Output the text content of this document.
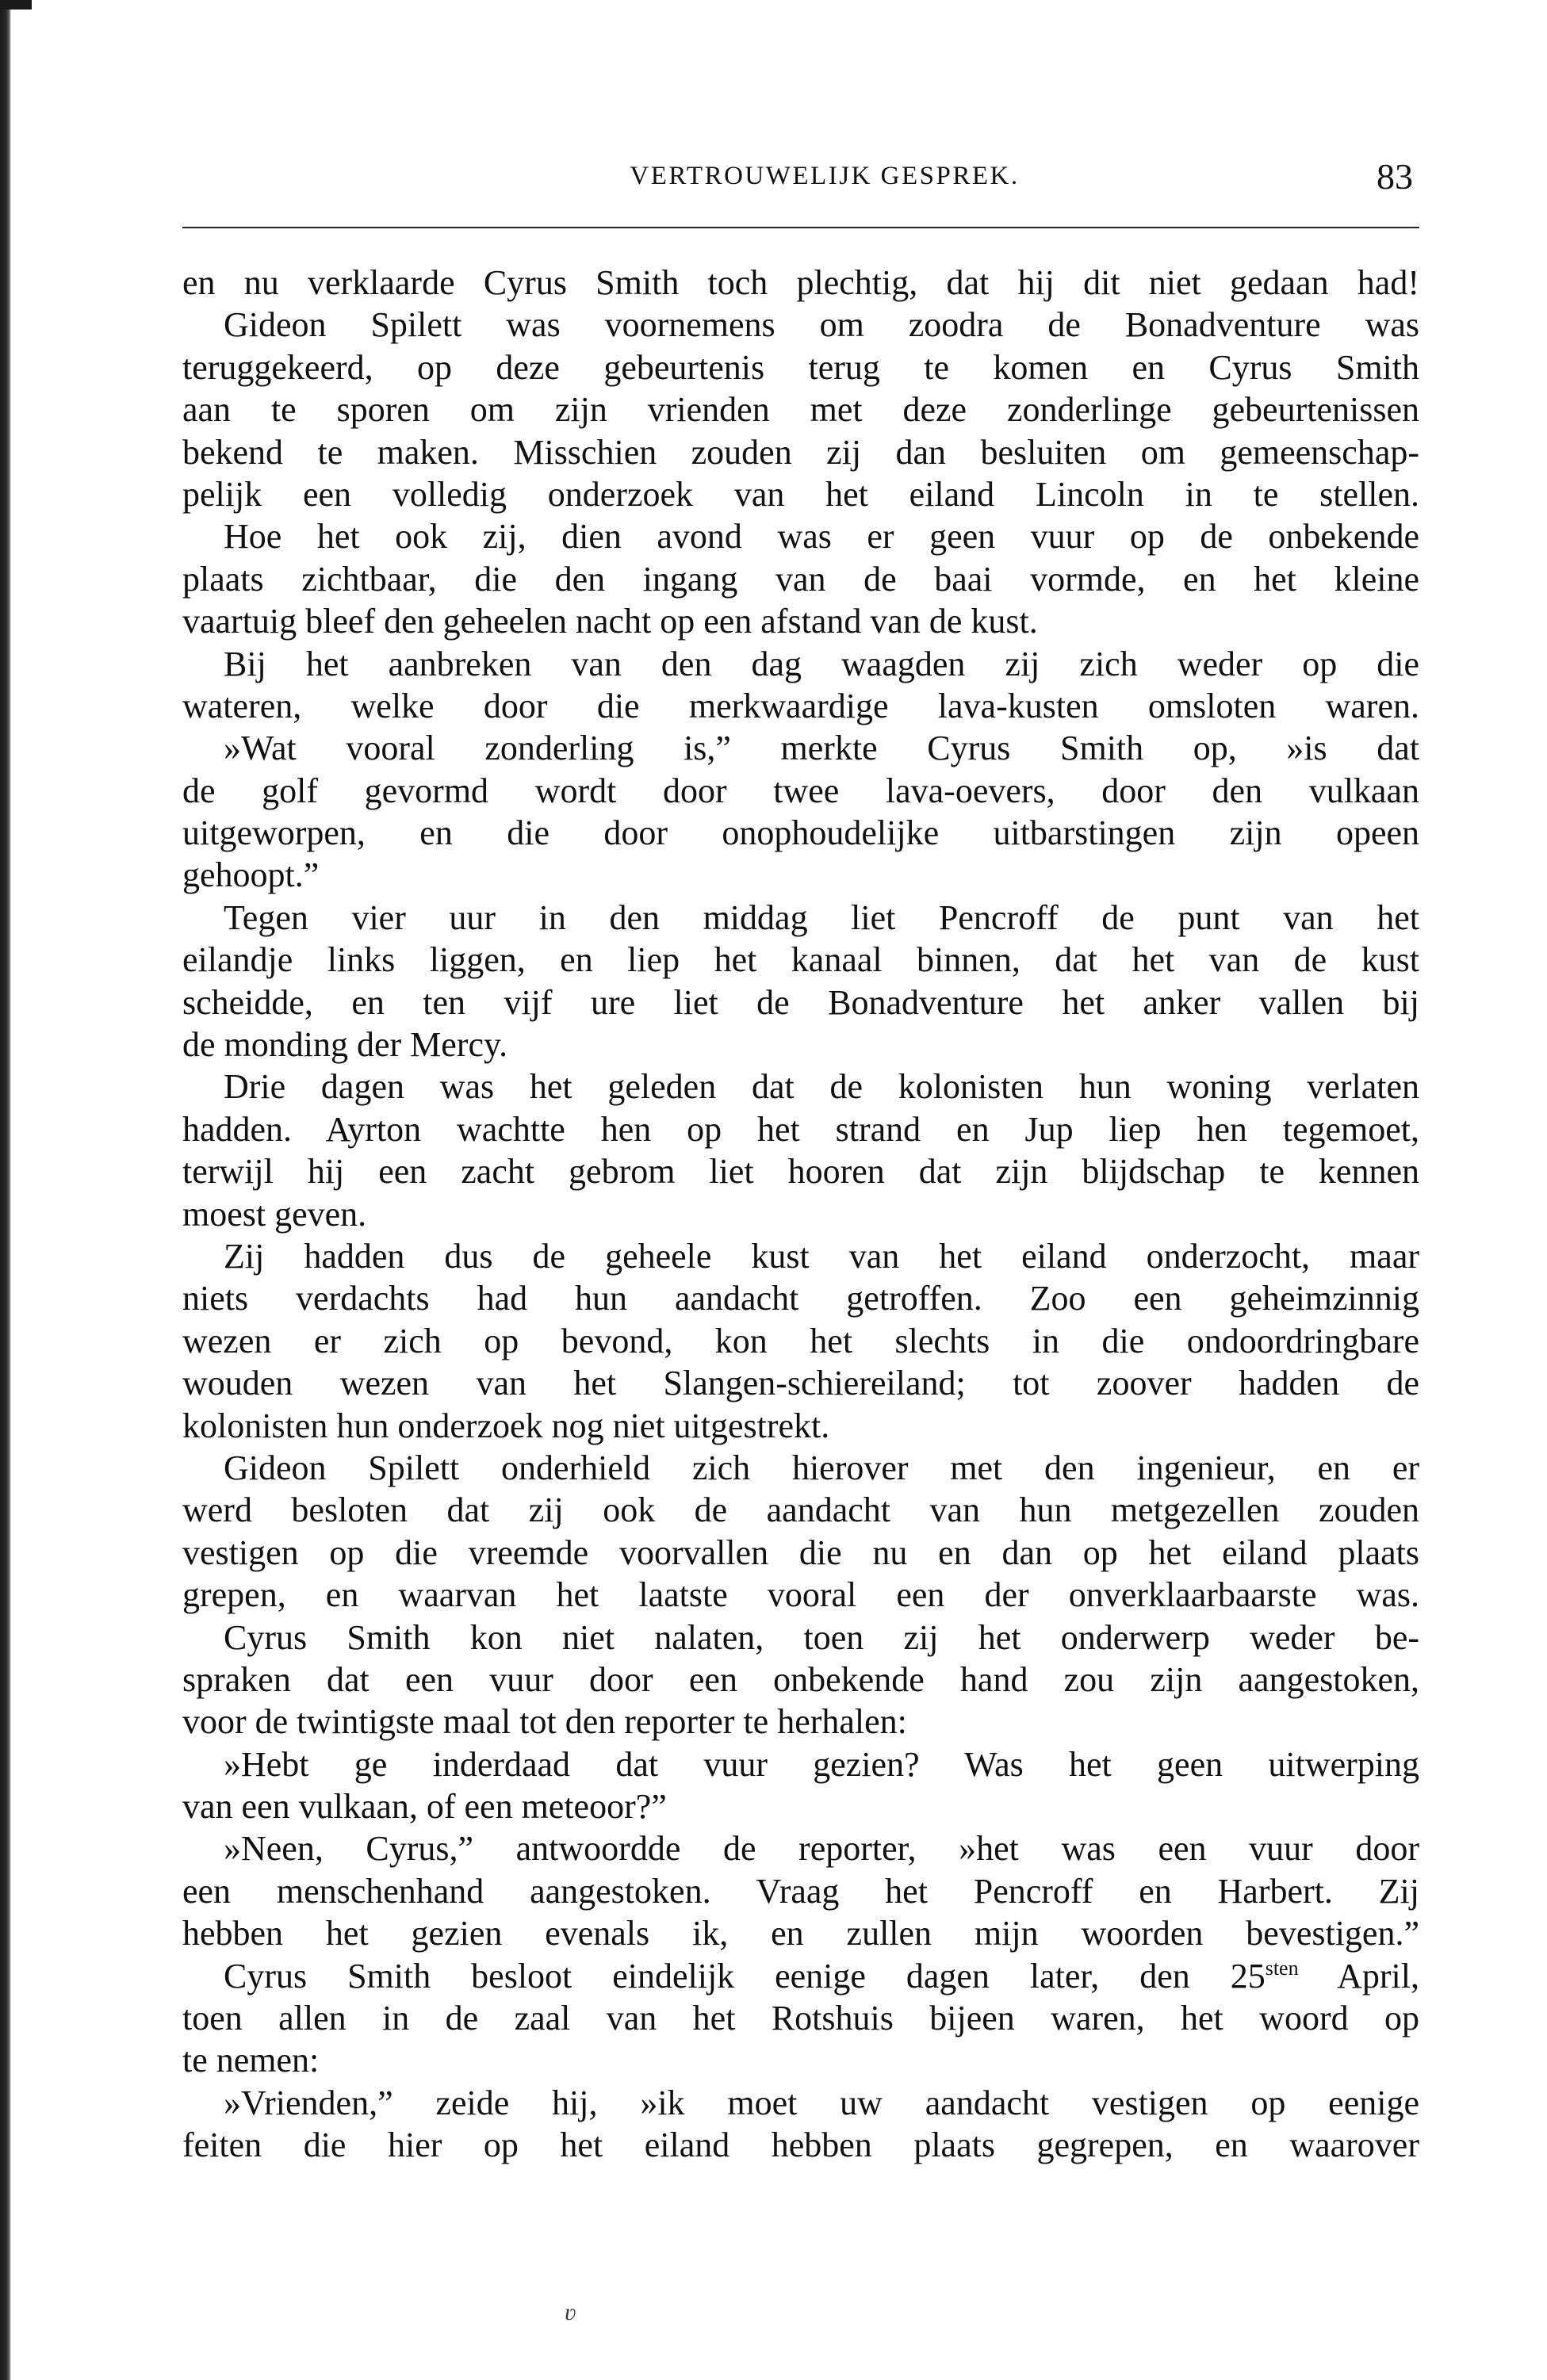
VERTROUWELIJK GESPREK.	83
en nu verklaarde Cyrus Smith toch plechtig, dat hij dit niet gedaan had!
Gideon Spilett was voornemens om zoodra de Bonadventure was
teruggekeerd, op deze gebeurtenis terug te komen en Cyrus Smith
aan te sporen om zijn vrienden met deze zonderlinge gebeurtenissen
bekend te maken. Misschien zouden zij dan besluiten om gemeenschap-
pelijk een volledig onderzoek van het eiland Lincoln in te stellen.
Hoe het ook zij, dien avond was er geen vuur op de onbekende
plaats zichtbaar, die den ingang van de baai vormde, en het kleine
vaartuig bleef den geheelen nacht op een afstand van de kust.
Bij het aanbreken van den dag waagden zij zich weder op die
wateren, welke door die merkwaardige lava-kusten omsloten waren.
»Wat vooral zonderling is,” merkte Cyrus Smith op, »is dat
de golf gevormd wordt door twee lava-oevers, door den vulkaan
uitgeworpen, en die door onophoudelijke uitbarstingen zijn opeen
gehoopt.”
Tegen vier uur in den middag liet Pencroff de punt van het
eilandje links liggen, en liep het kanaal binnen, dat het van de kust
scheidde, en ten vijf ure liet de Bonadventure het anker vallen bij
de monding der Mercy.
Drie dagen was het geleden dat de kolonisten hun woning verlaten
hadden. Ayrton wachtte hen op het strand en Jup liep hen tegemoet,
terwijl hij een zacht gebrom liet hooren dat zijn blijdschap te kennen
moest geven.
Zij hadden dus de geheele kust van het eiland onderzocht, maar
niets verdachts had hun aandacht getroffen. Zoo een geheimzinnig
wezen er zich op bevond, kon het slechts in die ondoordringbare
wouden wezen van het Slangen-schiereiland; tot zoover hadden de
kolonisten hun onderzoek nog niet uitgestrekt.
Gideon Spilett onderhield zich hierover met den ingenieur, en er
werd besloten dat zij ook de aandacht van hun metgezellen zouden
vestigen op die vreemde voorvallen die nu en dan op het eiland plaats
grepen, en waarvan het laatste vooral een der onverklaarbaarste was.
Cyrus Smith kon niet nalaten, toen zij het onderwerp weder be-
spraken dat een vuur door een onbekende hand zou zijn aangestoken,
voor de twintigste maal tot den reporter te herhalen:
»Hebt ge inderdaad dat vuur gezien? Was het geen uitwerping
van een vulkaan, of een meteoor?”
»Neen, Cyrus,” antwoordde de reporter, »het was een vuur door
een menschenhand aangestoken. Vraag het Pencroff en Harbert. Zij
hebben het gezien evenals ik, en zullen mijn woorden bevestigen.”
Cyrus Smith besloot eindelijk eenige dagen later, den $25^{sten}$ April,
toen allen in de zaal van het Rotshuis bijeen waren, het woord op
te nemen:
»Vrienden,” zeide hij, »ik moet uw aandacht vestigen op eenige
feiten die hier op het eiland hebben plaats gegrepen, en waarover
ʋ
